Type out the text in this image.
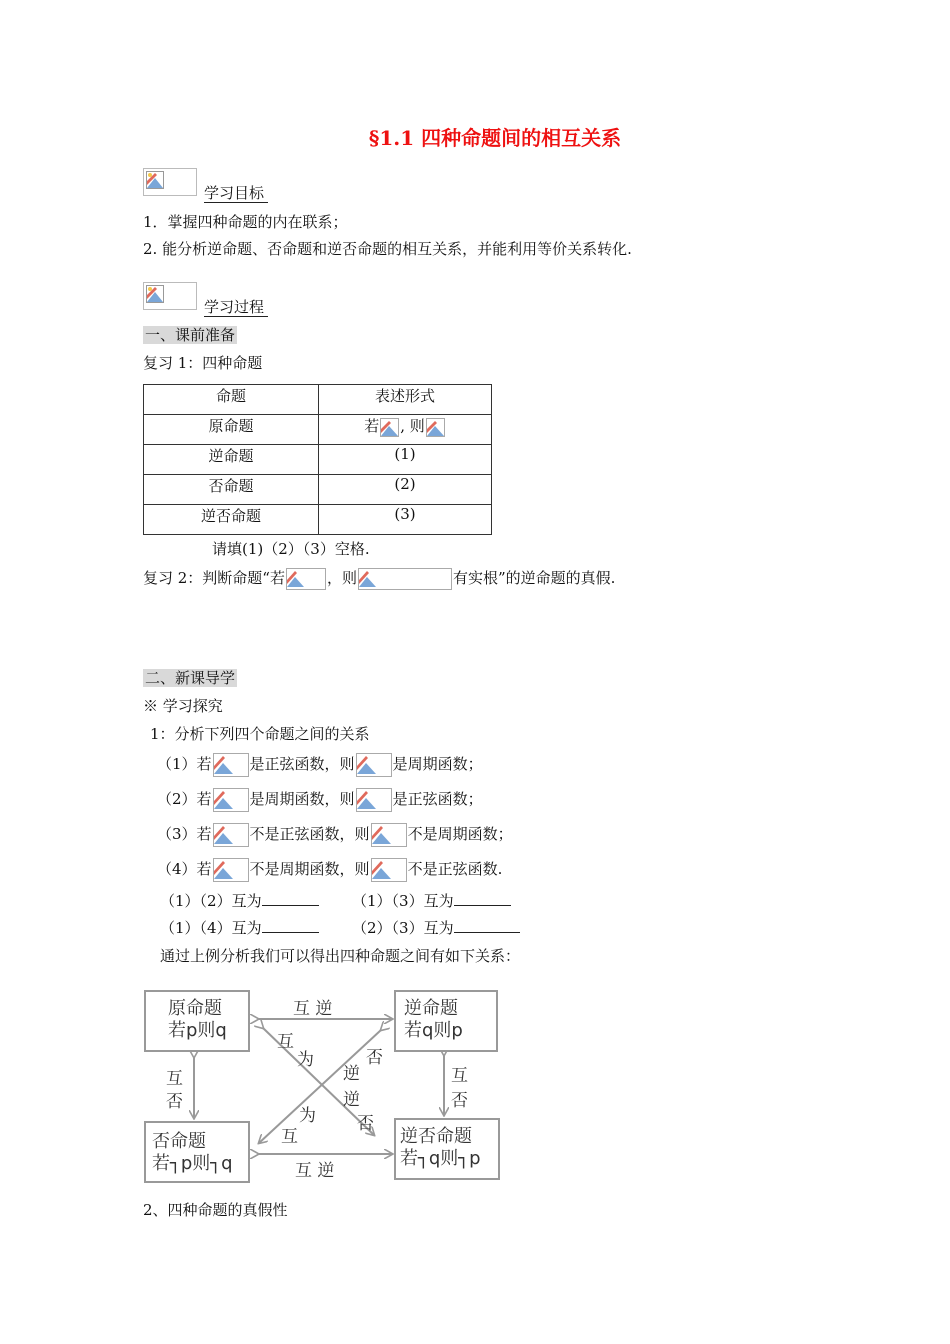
§1.1 四种命题间的相互关系
学习目标
1．掌握四种命题的内在联系；
2. 能分析逆命题、否命题和逆否命题的相互关系，并能利用等价关系转化.
学习过程
一、课前准备
复习 1：四种命题
命题	表述形式
原命题	若 , 则
逆命题	(1)
否命题	(2)
逆否命题	(3)
请填(1)（2）（3）空格.
复习 2：判断命题“若	，则	有实根”的逆命题的真假.
二、新课导学
※ 学习探究
1：分析下列四个命题之间的关系
（1）若	是正弦函数，则	是周期函数；
（2）若	是周期函数，则	是正弦函数；
（3）若	不是正弦函数，则	不是周期函数；
（4）若	不是周期函数，则	不是正弦函数.
（1）（2）互为	（1）（3）互为
（1）（4）互为	（2）（3）互为
通过上例分析我们可以得出四种命题之间有如下关系：
原命题
若p则q
逆命题
若q则p
否命题
若┐p则┐q
逆否命题
若┐q则┐p
互 逆
互 逆
互
否
互
否
互
为
逆
否
否
逆
为
互
2、四种命题的真假性
